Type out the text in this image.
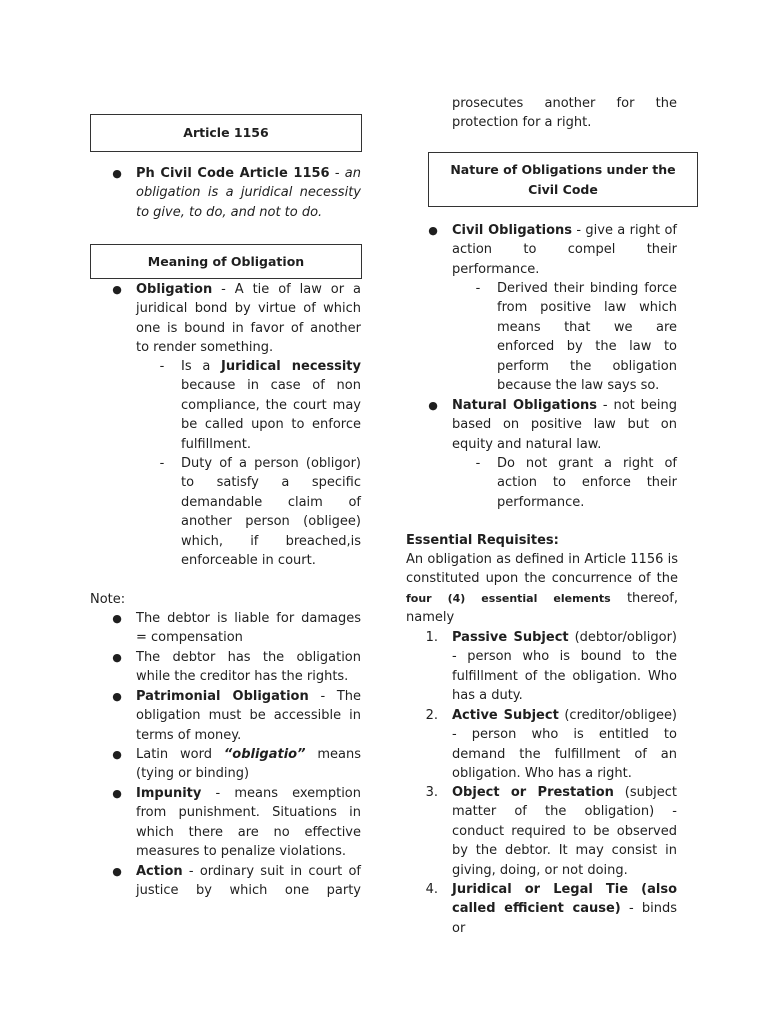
Article 1156
● Ph Civil Code Article 1156 - an obligation is a juridical necessity to give, to do, and not to do.
Meaning of Obligation
● Obligation - A tie of law or a juridical bond by virtue of which one is bound in favor of another to render something.
- Is a Juridical necessity because in case of non compliance, the court may be called upon to enforce fulfillment.
- Duty of a person (obligor) to satisfy a specific demandable claim of another person (obligee) which, if breached,is enforceable in court.
Note:
● The debtor is liable for damages = compensation
● The debtor has the obligation while the creditor has the rights.
● Patrimonial Obligation - The obligation must be accessible in terms of money.
● Latin word “obligatio” means (tying or binding)
● Impunity - means exemption from punishment. Situations in which there are no effective measures to penalize violations.
● Action - ordinary suit in court of justice by which one party
prosecutes another for the protection for a right.
Nature of Obligations under the Civil Code
● Civil Obligations - give a right of action to compel their performance.
- Derived their binding force from positive law which means that we are enforced by the law to perform the obligation because the law says so.
● Natural Obligations - not being based on positive law but on equity and natural law.
- Do not grant a right of action to enforce their performance.
Essential Requisites:
An obligation as defined in Article 1156 is constituted upon the concurrence of the four (4) essential elements thereof, namely
1. Passive Subject (debtor/obligor) - person who is bound to the fulfillment of the obligation. Who has a duty.
2. Active Subject (creditor/obligee) - person who is entitled to demand the fulfillment of an obligation. Who has a right.
3. Object or Prestation (subject matter of the obligation) - conduct required to be observed by the debtor. It may consist in giving, doing, or not doing.
4. Juridical or Legal Tie (also called efficient cause) - binds or
